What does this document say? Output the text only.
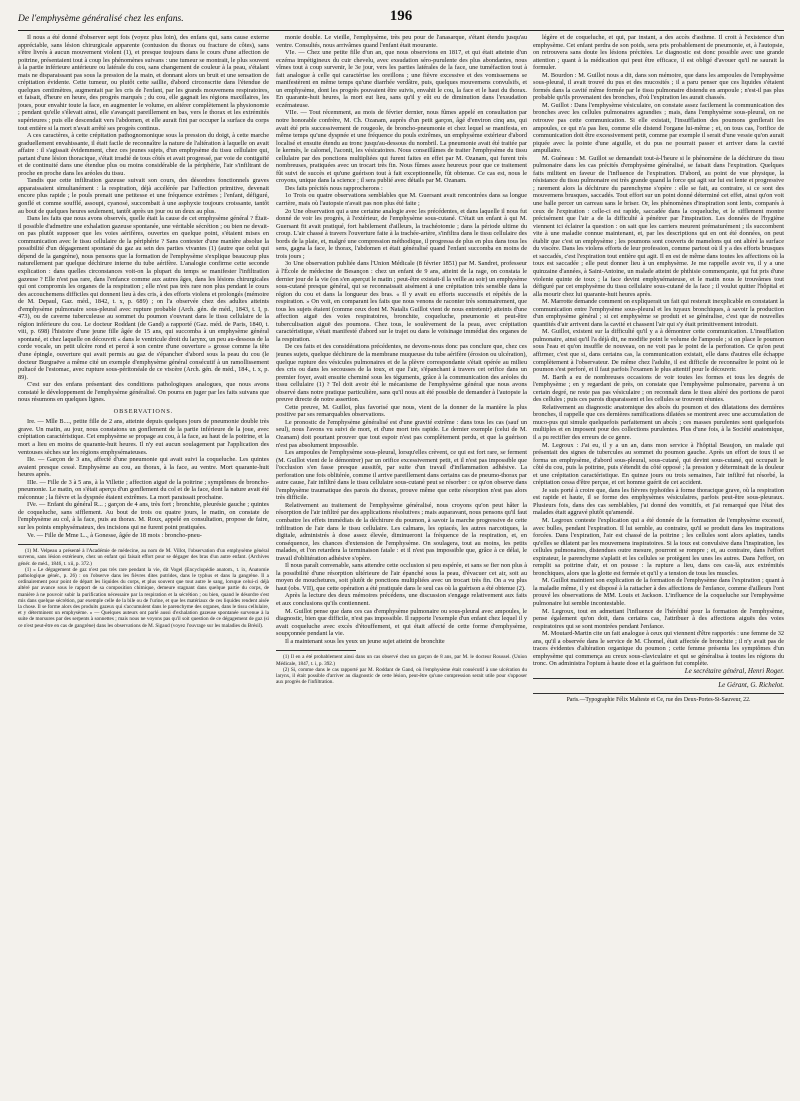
De l'emphysème généralisé chez les enfans.	196

Il nous a été donné d'observer sept fois (voyez plus loin), des enfans qui, sans cause externe appréciable, sans lésion chirurgicale apparente (contusion du thorax ou fracture de côtes), sans s'être livrés à aucun mouvement violent (1), et presque toujours dans le cours d'une affection de poitrine, présentaient tout à coup les phénomènes suivans : une tumeur se montrait, le plus souvent à la partie inférieure antérieure ou latérale du cou, sans changement de couleur à la peau, s'étalant mais ne disparaissant pas sous la pression de la main, et donnant alors un bruit et une sensation de crépitation évidente. Cette tumeur, ou plutôt cette saillie, d'abord circonscrite dans l'étendue de quelques centimètres, augmentait par les cris de l'enfant, par les grands mouvemens respiratoires, et faisait, d'heure en heure, des progrès marqués ; du cou, elle gagnait les régions maxillaires, les joues, pour envahir toute la face, en augmenter le volume, en altérer complètement la physionomie ; pendant qu'elle s'élevait ainsi, elle s'avançait pareillement en bas, vers le thorax et les extrémités supérieures ; puis elle descendait vers l'abdomen, et elle aurait fini par occuper la surface du corps tout entière si la mort n'avait arrêté ses progrès continus.

A ces caractères, à cette crépitation pathognomonique sous la pression du doigt, à cette marche graduellement envahissante, il était facile de reconnaître la nature de l'altération à laquelle on avait affaire : il s'agissait évidemment, chez ces jeunes sujets, d'un emphysème du tissu cellulaire qui, partant d'une lésion thoracique, s'était irradié de tous côtés et avait progressé, par voie de contiguïté et de continuité dans une étendue plus ou moins considérable de la périphérie, l'air s'infiltrant de proche en proche dans les aréoles du tissu.

Tandis que cette infiltration gazeuse suivait son cours, des désordres fonctionnels graves apparaissaient simultanément : la respiration, déjà accélérée par l'affection primitive, devenait encore plus rapide ; le pouls prenait une petitesse et une fréquence extrêmes ; l'enfant, défiguré, gonflé et comme soufflé, assoupi, cyanosé, succombait à une asphyxie toujours croissante, tantôt au bout de quelques heures seulement, tantôt après un jour ou un deux au plus.

Dans les faits que nous avons observés, quelle était la cause de cet emphysème général ? Était-il possible d'admettre une exhalation gazeuse spontanée, une véritable sécrétion ; ou bien ne devait-on pas plutôt supposer que les voies aérifères, ouvertes en quelque point, s'étaient mises en communication avec le tissu cellulaire de la périphérie ? Sans contester d'une manière absolue la possibilité d'un dégagement spontané du gaz au sein des parties vivantes (1) (autre que celui qui dépend de la gangrène), nous pensons que la formation de l'emphysème s'explique beaucoup plus naturellement par quelque déchirure interne du tube aérifère. L'analogie confirme cette seconde explication : dans quelles circonstances voit-on la plupart du temps se manifester l'infiltration gazeuse ? Elle n'est pas rare, dans l'enfance comme aux autres âges, dans les lésions chirurgicales qui ont compromis les organes de la respiration ; elle n'est pas très rare non plus pendant le cours des accouchemens difficiles qui donnent lieu à des cris, à des efforts violens et prolongés (mémoire de M. Depaul, Gaz. méd., 1842, t. x, p. 689) ; on l'a observée chez des adultes atteints d'emphysème pulmonaire sous-pleural avec rupture probable (Arch. gén. de méd., 1843, t. I, p. 473), ou de caverne tuberculeuse au sommet du poumon s'ouvrant dans le tissu cellulaire de la région inférieure du cou. Le docteur Roddant (de Gand) a rapporté (Gaz. méd. de Paris, 1840, t. viii, p. 698) l'histoire d'une jeune fille âgée de 15 ans, qui succomba à un emphysème général spontané, et chez laquelle on découvrit « dans le ventricule droit du larynx, un peu au-dessous de la corde vocale, un petit ulcère rond et percé à son centre d'une ouverture » grosse comme la tête d'une épingle, ouverture qui avait permis au gaz de s'épancher d'abord sous la peau du cou (le docteur Burgraëve a même cité un exemple d'emphysème général consécutif à un ramollissement pultacé de l'estomac, avec rupture sous-péritonéale de ce viscère (Arch. gén. de méd., 184., t. x, p. 89).

C'est sur des enfans présentant des conditions pathologiques analogues, que nous avons constaté le développement de l'emphysème généralisé. On pourra en juger par les faits suivans que nous résumons en quelques lignes.

OBSERVATIONS.

Ire. — Mlle B...., petite fille de 2 ans, atteinte depuis quelques jours de pneumonie double très grave. Un matin, au jour, nous constatons un gonflement de la partie inférieure de la joue, avec crépitation caractéristique. Cet emphysème se propage au cou, à la face, au haut de la poitrine, et la mort a lieu en moins de quarante-huit heures. Il n'y eut aucun soulagement par l'application des ventouses sèches sur les régions emphysémateuses.

IIe. — Garçon de 3 ans, affecté d'une pneumonie qui avait suivi la coqueluche. Les quintes avaient presque cessé. Emphysème au cou, au thorax, à la face, au ventre. Mort quarante-huit heures après.

IIIe. — Fille de 3 à 5 ans, à la Villette ; affection aiguë de la poitrine ; symptômes de broncho-pneumonie. Le matin, on s'était aperçu d'un gonflement du col et de la face, dont la nature avait été méconnue ; la fièvre et la dyspnée étaient extrêmes. La mort paraissait prochaine.

IVe. — Enfant du général R... ; garçon de 4 ans, très fort ; bronchite, pleurésie gauche ; quintes de coqueluche, sans sifflement. Au bout de trois ou quatre jours, le matin, on constate de l'emphysème au col, à la face, puis au thorax. M. Roux, appelé en consultation, propose de faire, sur les points emphysémateux, des incisions qui ne furent point pratiquées.

Ve. — Fille de Mme L.., à Gonesse, âgée de 18 mois : broncho-pneu-

(1) M. Velpeau a présenté à l'Académie de médecine, au nom de M. Villot, l'observation d'un emphysème général survenu, sans lésion extérieure, chez un enfant qui faisait effort pour se dégager des bras d'un autre enfant. (Archives génér. de méd., 1846, t. xii, p. 372.)

(1) « Le dégagement de gaz n'est pas très rare pendant la vie, dit Vogel (Encyclopédie anatom., t. ix, Anatomie pathologique génér., p. 26) : on l'observe dans les fièvres dites putrides, dans le typhus et dans la gangrène. Il a ordinairement pour point de départ les liquides du corps, et plus souvent que tout autre le sang, lorsque celui-ci déjà altéré par avance sous le rapport de sa composition chimique, demeure stagnant dans quelque partie du corps, de manière à ne pouvoir subir la purification nécessaire par la respiration et la sécrétion ; ou bien, quand le désordre s'est mis dans quelque sécrétion, par exemple celle de la bile ou de l'urine, et que les matériaux de ces liquides rendent aisée la chose. Il se forme alors des produits gazeux qui s'accumulent dans le parenchyme des organes, dans le tissu cellulaire, et y déterminent un emphysème. » — Quelques auteurs ont parlé aussi d'exhalation gazeuse spontanée survenue à la suite de morsures par des serpents à sonnettes ; mais nous ne voyons pas qu'il soit question de ce dégagement de gaz (si ce n'est peut-être en cas de gangrène) dans les observations de M. Sigaud (voyez l'ouvrage sur les maladies du Brésil).

monie double. Le vieille, l'emphysème, très peu pour de l'anasarque, s'étant étendu jusqu'au ventre. Consultés, nous arrivâmes quand l'enfant était mourante.

VIe. — Chez une petite fille d'un an, que nous observions en 1817, et qui était atteinte d'un eczéma impétigineux du cuir chevelu, avec exsudation séro-purulente des plus abondantes, nous vîmes tout à coup survenir, le 3e jour, vers les parties latérales de la face, une tuméfaction tout à fait analogue à celle qui caractérise les oreillons ; une fièvre excessive et des vomissemens se manifestèrent en même temps qu'une diarrhée verdâtre, puis, quelques mouvemens convulsifs, et un emphysème, dont les progrès pouvaient être suivis, envahit le cou, la face et le haut du thorax. En quarante-huit heures, la mort eut lieu, sans qu'il y eût eu de diminution dans l'exsudation eczémateuse.

VIIe. — Tout récemment, au mois de février dernier, nous fûmes appelé en consultation par notre honorable confrère, M. Ch. Ozanam, auprès d'un petit garçon, âgé d'environ cinq ans, qui avait été pris successivement de rougeole, de broncho-pneumonie et chez lequel se manifesta, en même temps qu'une dyspnée et une fréquence du pouls extrêmes, un emphysème extérieur d'abord localisé et ensuite étendu au tronc jusqu'au-dessous du nombril. La pneumonie avait été traitée par le kermès, le calomel, l'aconit, les vésicatoires. Nous conseillâmes de traiter l'emphysème du tissu cellulaire par des ponctions multipliées qui furent faites en effet par M. Ozanam, qui furent très nombreuses, pratiquées avec un trocart très fin. Nous fûmes assez heureux pour que ce traitement fût suivi de succès et qu'une guérison tout à fait exceptionnelle, fût obtenue. Ce cas est, nous le croyons, unique dans la science ; il sera publié avec détails par M. Ozanam.

Des faits précités nous rapprocherons :

1o Trois ou quatre observations semblables que M. Guersant avait rencontrées dans sa longue carrière, mais où l'autopsie n'avait pas non plus été faite ;

2o Une observation qui a une certaine analogie avec les précédentes, et dans laquelle il nous fut donné de voir les progrès, à l'extérieur, de l'emphysème sous-cutané. C'était un enfant à qui M. Guersant fit avait pratiqué, fort habilement d'ailleurs, la trachéotomie ; dans la période ultime du croup. L'air chassé à travers l'ouverture faite à la trachée-artère, s'infiltra dans le tissu cellulaire des bords de la plaie, et, malgré une compression méthodique, il progressa de plus en plus dans tous les sens, gagna la face, le thorax, l'abdomen et était généralisé quand l'enfant succomba en moins de trois jours ;

3o Une observation publiée dans l'Union Médicale (8 février 1851) par M. Sandret, professeur à l'École de médecine de Besançon : chez un enfant de 9 ans, atteint de la rage, on constata le dernier jour de la vie (on s'en aperçut le matin ; peut-être existait-il la veille au soir) un emphysème sous-cutané presque général, qui se reconnaissait aisément à une crépitation très sensible dans la région du cou et dans la longueur des bras. « Il y avait eu efforts successifs et répétés de la respiration. » On voit, en comparant les faits que nous venons de raconter très sommairement, que tous les sujets étaient (comme ceux dont M. Natalis Guillot vient de nous entretenir) atteints d'une affection aiguë des voies respiratoires, bronchite, coqueluche, pneumonie et peut-être tuberculisation aiguë des poumons. Chez tous, le soulèvement de la peau, avec crépitation caractéristique, s'était manifesté d'abord sur le trajet ou dans le voisinage immédiat des organes de la respiration.

De ces faits et des considérations précédentes, ne devons-nous donc pas conclure que, chez ces jeunes sujets, quelque déchirure de la membrane muqueuse du tube aérifère (érosion ou ulcération), quelque rupture des vésicules pulmonaires et de la plèvre correspondante s'était opérée au milieu des cris ou dans les secousses de la toux, et que l'air, s'épanchant à travers cet orifice dans un premier foyer, avait ensuite cheminé sous les téguments, grâce à la communication des aréoles du tissu cellulaire (1) ? Tel doit avoir été le mécanisme de l'emphysème général que nous avons observé dans notre pratique particulière, sans qu'il nous ait été possible de demander à l'autopsie la preuve directe de notre assertion.

Cette preuve, M. Guillot, plus favorisé que nous, vient de la donner de la manière la plus positive par ses remarquables observations.

Le pronostic de l'emphysème généralisé est d'une gravité extrême : dans tous les cas (sauf un seul), nous l'avons vu suivi de mort, et d'une mort très rapide. Le dernier exemple (celui de M. Ozanam) doit pourtant prouver que tout espoir n'est pas complètement perdu, et que la guérison n'est pas absolument impossible.

Les ampoules de l'emphysème sous-pleural, lorsqu'elles crèvent, ce qui est fort rare, se ferment (M. Guillot vient de le démontrer) par un orifice excessivement petit, et il n'est pas impossible que l'occlusion s'en fasse presque aussitôt, par suite d'un travail d'inflammation adhésive. La perforation une fois oblitérée, comme il arrive pareillement dans certains cas de pneumo-thorax par autre cause, l'air infiltré dans le tissu cellulaire sous-cutané peut se résorber : ce qu'on observe dans l'emphysème traumatique des parois du thorax, prouve même que cette résorption n'est pas alors très difficile.

Relativement au traitement de l'emphysème généralisé, nous croyons qu'on peut hâter la résorption de l'air infiltré par des applications résolutives ; mais auparavant, nous pensons qu'il faut combattre les effets immédiats de la déchirure du poumon, à savoir la marche progressive de cette infiltration de l'air dans le tissu cellulaire. Les calmans, les opiacés, les autres narcotiques, la digitale, administrés à dose assez élevée, diminueront la fréquence de la respiration, et, en conséquence, les chances d'extension de l'emphysème. On soulagera, tout au moins, les petits malades, et l'on retardera la terminaison fatale : et il n'est pas impossible que, grâce à ce délai, le travail d'oblitération adhésive s'opère.

Il nous paraît convenable, sans attendre cette occlusion si peu espérée, et sans se fier non plus à la possibilité d'une résorption ultérieure de l'air épanché sous la peau, d'évacuer cet air, soit au moyen de mouchetures, soit plutôt de ponctions multipliées avec un trocart très fin. On a vu plus haut (obs. VII), que cette opération a été pratiquée dans le seul cas où la guérison a été obtenue (2).

Après la lecture des deux mémoires précédens, une discussion s'engage relativement aux faits et aux conclusions qu'ils contiennent.

M. Guillot pense que dans ces cas d'emphysème pulmonaire ou sous-pleural avec ampoules, le diagnostic, bien que difficile, n'est pas impossible. Il rapporte l'exemple d'un enfant chez lequel il y avait coqueluche avec excès d'étouffement, et qui était affecté de cette forme d'emphysème, soupçonnée pendant la vie.

Il a maintenant sous les yeux un jeune sujet atteint de bronchite

(1) Il en a été probablement ainsi dans un cas observé chez un garçon de 8 ans, par M. le docteur Roussel. (Union Médicale, 1847, t. i, p. 392.)

(2) Si, comme dans le cas rapporté par M. Roddant de Gand, où l'emphysème était consécutif à une ulcération du larynx, il était possible d'arriver au diagnostic de cette lésion, peut-être qu'une compression serait utile pour s'opposer aux progrès de l'infiltration.

légère et de coqueluche, et qui, par instant, a des accès d'asthme. Il croit à l'existence d'un emphysème. Cet enfant perdra de son poids, sera pris probablement de pneumonie, et, à l'autopsie, on retrouvera sans doute les lésions précitées. Le diagnostic est donc possible avec une grande attention ; quant à la médication qui peut être efficace, il est obligé d'avouer qu'il ne saurait la formuler.

M. Bourdon : M. Guillot nous a dit, dans son mémoire, que dans les ampoules de l'emphysème sous-pleural, il avait trouvé du pus et des mucosités ; il a paru penser que ces liquides s'étaient formés dans la cavité même formée par le tissu pulmonaire distendu en ampoule ; n'est-il pas plus probable qu'ils provenaient des bronches, d'où l'expiration les aurait chassés.

M. Guillot : Dans l'emphysème vésiculaire, on constate assez facilement la communication des bronches avec les cellules pulmonaires agrandies ; mais, dans l'emphysème sous-pleural, on ne retrouve pas cette communication. Si elle existait, l'insufflation des poumons gonflerait les ampoules, ce qui n'a pas lieu, comme elle distend l'organe lui-même ; et, on tous cas, l'orifice de communication doit être excessivement petit, comme par exemple il serait d'une vessie qu'on aurait piquée avec la pointe d'une aiguille, et du pus ne pourrait passer et arriver dans la cavité ampullaire.

M. Guéneau : M. Guillot se demandait tout-à-l'heure si le phénomène de la déchirure du tissu pulmonaire dans les cas précités d'emphysème généralisé, se faisait dans l'expiration. Quelques faits militent en faveur de l'influence de l'expiration. D'abord, au point de vue physique, la résistance du tissu pulmonaire est très grande quand la force qui agit sur lui est lente et progressive ; rarement alors la déchirure du parenchyme s'opère : elle se fait, au contraire, si ce sont des mouvemens brusques, saccadés. Tout effort sur un point donné déterminé cet effet, ainsi qu'on voit une balle percer un carreau sans le briser. Or, les phénomènes d'inspiration sont lents, comparés à ceux de l'expiration : celle-ci est rapide, saccadée dans la coqueluche, et le sifflement montre précisément que l'air a de la difficulté à pénétrer par l'inspiration. Les données de l'hygiène viennent ici éclairer la question : on sait que les carriers meurent prématurément ; ils succombent vite à une maladie connue maintenant, et, par les descriptions qui en ont été données, on peut établir que c'est un emphysème ; les poumons sont couverts de mamelons qui ont altéré la surface du viscère. Dans les violens efforts de leur profession, comme partout où il y a des efforts brusques et saccadés, c'est l'expiration tout entière qui agit. Il en est de même dans toutes les affections où la toux est saccadée ; elle peut donner lieu à un emphysème. Je me rappelle avoir vu, il y a une quinzaine d'années, à Saint-Antoine, un malade atteint de phthisie commençante, qui fut pris d'une violente quinte de toux ; la face devint emphysémateuse, et le matin nous le trouvâmes tout défiguré par cet emphysème du tissu cellulaire sous-cutané de la face ; il voulut quitter l'hôpital et alla mourir chez lui quarante-huit heures après.

M. Marrotte demande comment on expliquerait un fait qui resterait inexplicable en constatant la communication entre l'emphysème sous-pleural et les tuyaux bronchiques, à savoir la production d'un emphysème général ; si cet emphysème se produit et se généralise, c'est que de nouvelles quantités d'air arrivent dans la cavité et chassent l'air qui s'y était primitivement introduit.

M. Guillot, existent sur la difficulté qu'il y a à démontrer cette communication. L'insufflation pulmonaire, ainsi qu'il l'a déjà dit, ne modifie point le volume de l'ampoule ; si on place le poumon sous l'eau et qu'on insuffle de nouveau, on ne voit pas le point de la perforation. Ce qu'on peut affirmer, c'est que si, dans certains cas, la communication existait, elle dans d'autres elle échappe complètement à l'observateur. De même chez l'adulte, il est difficile de reconnaître le point où le poumon s'est perforé, et il faut parfois l'examen le plus attentif pour le découvrir.

M. Barth a eu de nombreuses occasions de voir toutes les formes et tous les degrés de l'emphysème ; en y regardant de près, on constate que l'emphysème pulmonaire, parvenu à un certain degré, ne reste pas pas vésiculaire ; on reconnaît dans le tissu altéré des portions de paroi des cellules ; puis ces parois disparaissent et les cellules se trouvent réunies.

Relativement au diagnostic anatomique des abcès du poumon et des dilatations des dernières bronches, il rappelle que ces dernières ramifications dilatées se montrent avec une accumulation de muco-pus qui simule quelquefois parfaitement un abcès ; ces masses purulentes sont quelquefois multiples et en imposent pour des collections purulentes. Plus d'une fois, à la Société anatomique, il a pu rectifier des erreurs de ce genre.

M. Legroux : J'ai eu, il y a un an, dans mon service à l'hôpital Beaujon, un malade qui présentait des signes de tubercules au sommet du poumon gauche. Après un effort de toux il se forma un emphysème, d'abord sous-pleural, sous-cutané, qui devint sous-cutané, qui occupait le côté du cou, puis la poitrine, puis s'étendit du côté opposé ; la pression y déterminait de la douleur et une crépitation caractéristique. En quinze jours ou trois semaines, l'air infiltré fut résorbé, la crépitation cessa d'être perçue, et cet homme guérit de cet accident.

Je suis porté à croire que, dans les fièvres typhoïdes à forme thoracique grave, où la respiration est rapide et haute, il se forme des emphysèmes vésiculaires, parfois peut-être sous-pleuraux. Plusieurs fois, dans des cas semblables, j'ai donné des vomitifs, et j'ai remarqué que l'état des malades était aggravé plutôt qu'amendé.

M. Legroux conteste l'explication qui a été donnée de la formation de l'emphysème excessif, avec bulles, pendant l'expiration. Il lui semble, au contraire, qu'il se produit dans les inspirations forcées. Dans l'expiration, l'air est chassé de la poitrine ; les cellules sont alors aplaties, tandis qu'elles se dilatent par les mouvemens inspiratoires. Si la toux est convulsive dans l'inspiration, les cellules pulmonaires, distendues outre mesure, pourront se rompre ; et, au contraire, dans l'effort expirateur, le parenchyme s'aplatit et les cellules se protègent les unes les autres. Dans l'effort, on remplit sa poitrine d'air, et on pousse : la rupture a lieu, dans ces cas-là, aux extrémités bronchiques, alors que la glotte est fermée et qu'il y a tension de tous les muscles.

M. Guillot maintient son explication de la formation de l'emphysème dans l'expiration ; quant à la maladie même, il y est disposé à la rattacher à des affections de l'enfance, comme d'ailleurs l'ont prouvé les observations de MM. Louis et Jackson. L'influence de la coqueluche sur l'emphysème pulmonaire lui semble incontestable.

M. Legroux, tout en admettant l'influence de l'hérédité pour la formation de l'emphysème, pense également qu'on doit, dans certains cas, l'attribuer à des affections aiguës des voies respiratoires qui se sont montrées pendant l'enfance.

M. Moutard-Martin cite un fait analogue à ceux qui viennent d'être rapportés : une femme de 32 ans, qu'il a observée dans le service de M. Chomel, était affectée de bronchite ; il n'y avait pas de traces évidentes d'altération organique du poumon ; cette femme présenta les symptômes d'un emphysème qui commença au creux sous-claviculaire et qui se généralisa à toutes les régions du tronc. On administra l'opium à haute dose et la guérison fut complète.

Le secrétaire général, Henri Roger.

Le Gérant, G. Richelot.

Paris.—Typographie Félix Malteste et Ce, rue des Deux-Portes-St-Sauveur, 22.
